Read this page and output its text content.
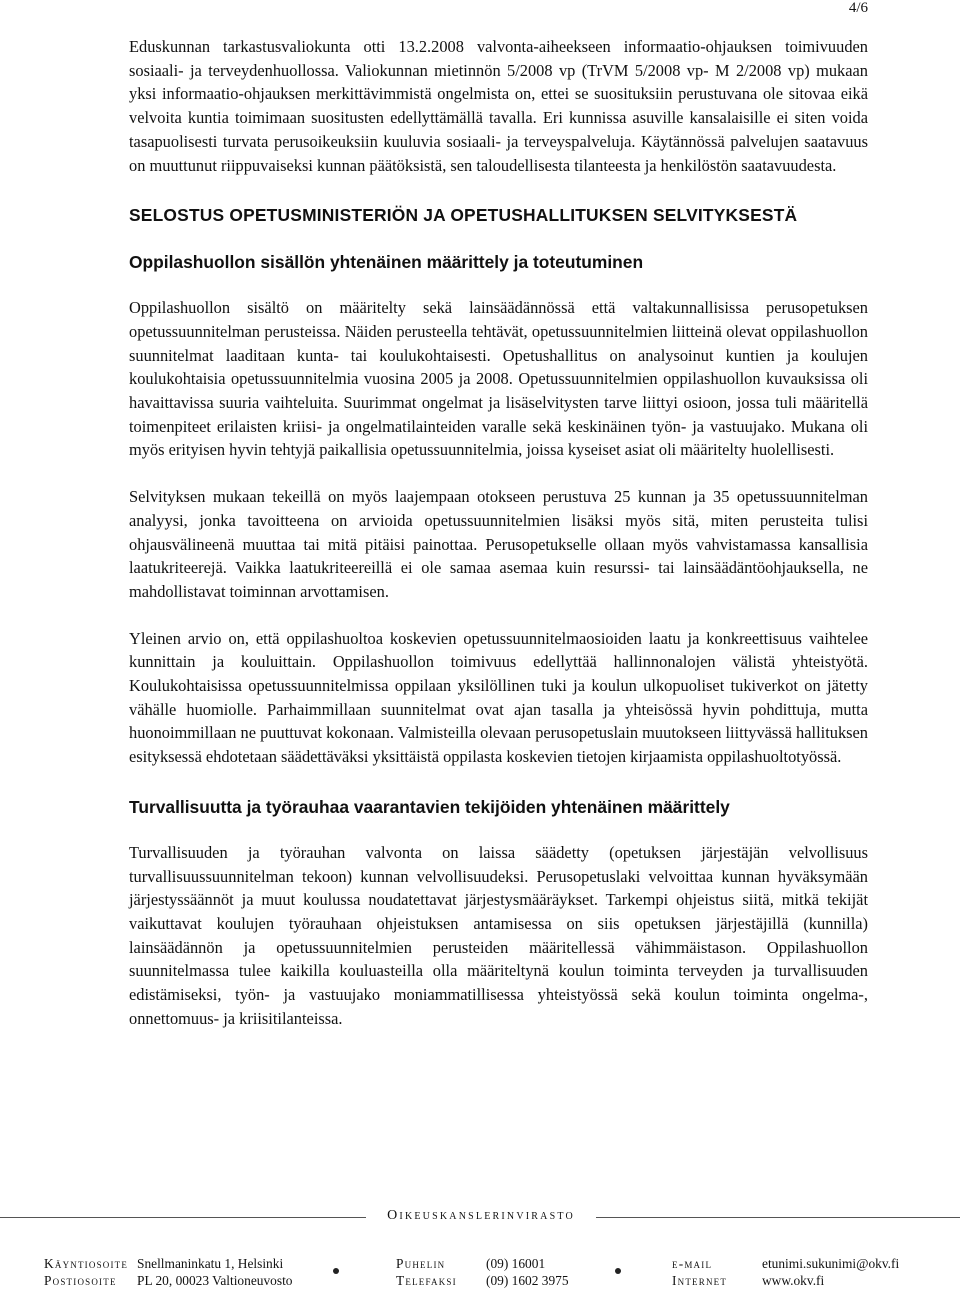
4/6

Eduskunnan tarkastusvaliokunta otti 13.2.2008 valvonta-aiheekseen informaatio-ohjauksen toimivuuden sosiaali- ja terveydenhuollossa. Valiokunnan mietinnön 5/2008 vp (TrVM 5/2008 vp- M 2/2008 vp) mukaan yksi informaatio-ohjauksen merkittävimmistä ongelmista on, ettei se suosituksiin perustuvana ole sitovaa eikä velvoita kuntia toimimaan suositusten edellyttämällä tavalla. Eri kunnissa asuville kansalaisille ei siten voida tasapuolisesti turvata perusoikeuksiin kuuluvia sosiaali- ja terveyspalveluja. Käytännössä palvelujen saatavuus on muuttunut riippuvaiseksi kunnan päätöksistä, sen taloudellisesta tilanteesta ja henkilöstön saatavuudesta.

SELOSTUS OPETUSMINISTERIÖN JA OPETUSHALLITUKSEN SELVITYKSESTÄ
Oppilashuollon sisällön yhtenäinen määrittely ja toteutuminen

Oppilashuollon sisältö on määritelty sekä lainsäädännössä että valtakunnallisissa perusopetuksen opetussuunnitelman perusteissa. Näiden perusteella tehtävät, opetussuunnitelmien liitteinä olevat oppilashuollon suunnitelmat laaditaan kunta- tai koulukohtaisesti. Opetushallitus on analysoinut kuntien ja koulujen koulukohtaisia opetussuunnitelmia vuosina 2005 ja 2008. Opetussuunnitelmien oppilashuollon kuvauksissa oli havaittavissa suuria vaihteluita. Suurimmat ongelmat ja lisäselvitysten tarve liittyi osioon, jossa tuli määritellä toimenpiteet erilaisten kriisi- ja ongelmatilainteiden varalle sekä keskinäinen työn- ja vastuujako. Mukana oli myös erityisen hyvin tehtyjä paikallisia opetussuunnitelmia, joissa kyseiset asiat oli määritelty huolellisesti.

Selvityksen mukaan tekeillä on myös laajempaan otokseen perustuva 25 kunnan ja 35 opetussuunnitelman analyysi, jonka tavoitteena on arvioida opetussuunnitelmien lisäksi myös sitä, miten perusteita tulisi ohjausvälineenä muuttaa tai mitä pitäisi painottaa. Perusopetukselle ollaan myös vahvistamassa kansallisia laatukriteerejä. Vaikka laatukriteereillä ei ole samaa asemaa kuin resurssi- tai lainsäädäntöohjauksella, ne mahdollistavat toiminnan arvottamisen.

Yleinen arvio on, että oppilashuoltoa koskevien opetussuunnitelmaosioiden laatu ja konkreettisuus vaihtelee kunnittain ja kouluittain. Oppilashuollon toimivuus edellyttää hallinnonalojen välistä yhteistyötä. Koulukohtaisissa opetussuunnitelmissa oppilaan yksilöllinen tuki ja koulun ulkopuoliset tukiverkot on jätetty vähälle huomiolle. Parhaimmillaan suunnitelmat ovat ajan tasalla ja yhteisössä hyvin pohdittuja, mutta huonoimmillaan ne puuttuvat kokonaan. Valmisteilla olevaan perusopetuslain muutokseen liittyvässä hallituksen esityksessä ehdotetaan säädettäväksi yksittäistä oppilasta koskevien tietojen kirjaamista oppilashuoltotyössä.

Turvallisuutta ja työrauhaa vaarantavien tekijöiden yhtenäinen määrittely

Turvallisuuden ja työrauhan valvonta on laissa säädetty (opetuksen järjestäjän velvollisuus turvallisuussuunnitelman tekoon) kunnan velvollisuudeksi. Perusopetuslaki velvoittaa kunnan hyväksymään järjestyssäännöt ja muut koulussa noudatettavat järjestysmääräykset. Tarkempi ohjeistus siitä, mitkä tekijät vaikuttavat koulujen työrauhaan ohjeistuksen antamisessa on siis opetuksen järjestäjillä (kunnilla) lainsäädännön ja opetussuunnitelmien perusteiden määritellessä vähimmäistason. Oppilashuollon suunnitelmassa tulee kaikilla kouluasteilla olla määriteltynä koulun toiminta terveyden ja turvallisuuden edistämiseksi, työn- ja vastuujako moniammatillisessa yhteistyössä sekä koulun toiminta ongelma-, onnettomuus- ja kriisitilanteissa.

Oikeuskanslerinvirasto
Käyntiosoite Snellmaninkatu 1, Helsinki
Postiosoite PL 20, 00023 Valtioneuvosto
Puhelin	(09) 16001
Telefaksi (09) 1602 3975
e-mail	etunimi.sukunimi@okv.fi
Internet	www.okv.fi
